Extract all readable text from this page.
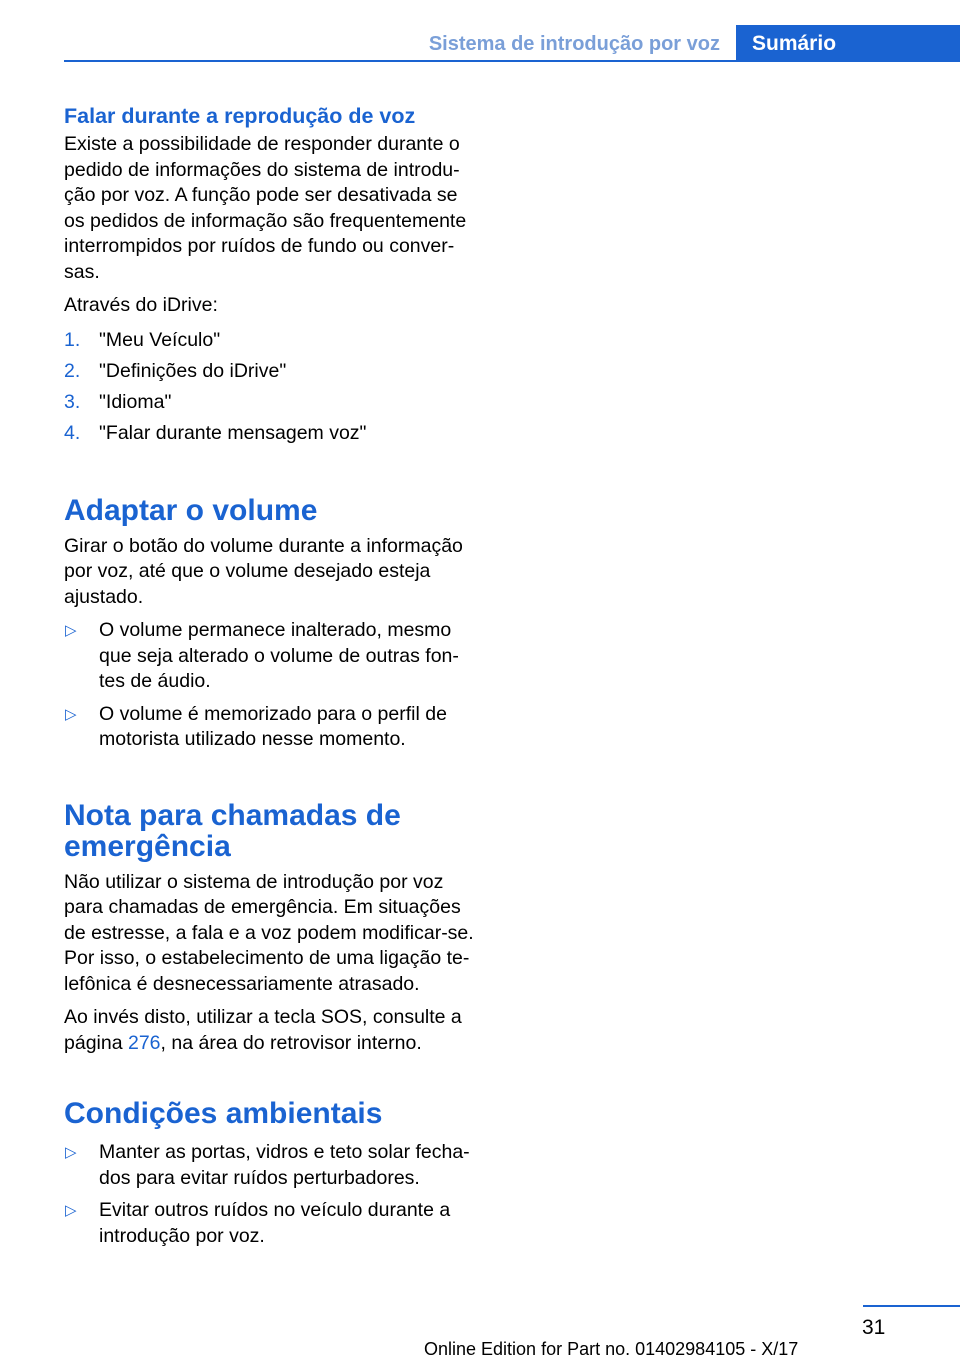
Sistema de introdução por voz	Sumário
Falar durante a reprodução de voz

Existe a possibilidade de responder durante o pedido de informações do sistema de introdu- ção por voz. A função pode ser desativada se os pedidos de informação são frequentemente interrompidos por ruídos de fundo ou conver- sas.

Através do iDrive:

1. "Meu Veículo"
2. "Definições do iDrive"
3. "Idioma"
4. "Falar durante mensagem voz"
Adaptar o volume

Girar o botão do volume durante a informação por voz, até que o volume desejado esteja ajustado.

▷ O volume permanece inalterado, mesmo que seja alterado o volume de outras fon- tes de áudio.
▷ O volume é memorizado para o perfil de motorista utilizado nesse momento.
Nota para chamadas de emergência

Não utilizar o sistema de introdução por voz para chamadas de emergência. Em situações de estresse, a fala e a voz podem modificar-se. Por isso, o estabelecimento de uma ligação te- lefônica é desnecessariamente atrasado.

Ao invés disto, utilizar a tecla SOS, consulte a página 276, na área do retrovisor interno.

Condições ambientais
▷ Manter as portas, vidros e teto solar fecha- dos para evitar ruídos perturbadores.
▷ Evitar outros ruídos no veículo durante a introdução por voz.
31
Online Edition for Part no. 01402984105 - X/17
